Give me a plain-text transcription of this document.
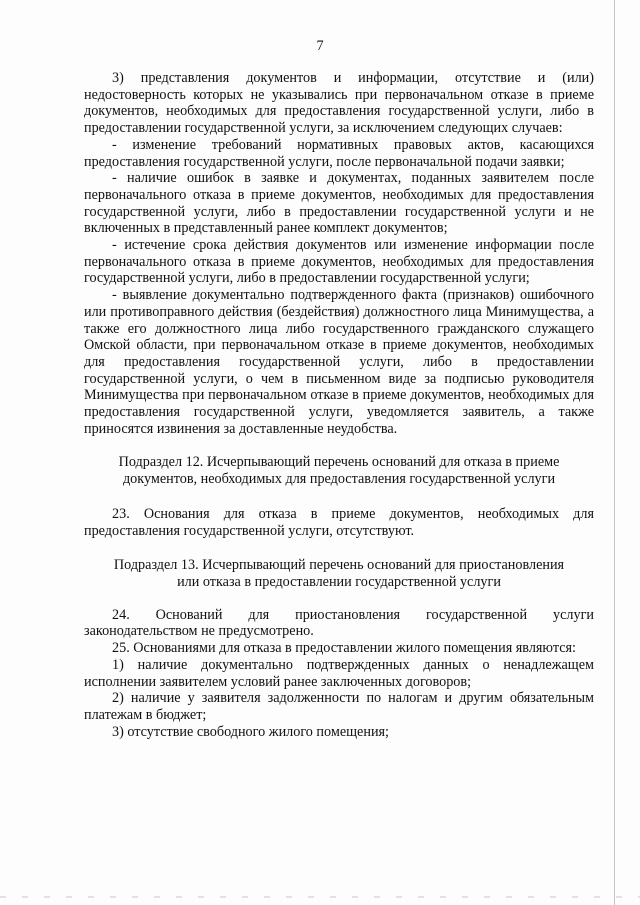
7

3) представления документов и информации, отсутствие и (или) недостоверность которых не указывались при первоначальном отказе в приеме документов, необходимых для предоставления государственной услуги, либо в предоставлении государственной услуги, за исключением следующих случаев:

- изменение требований нормативных правовых актов, касающихся предоставления государственной услуги, после первоначальной подачи заявки;

- наличие ошибок в заявке и документах, поданных заявителем после первоначального отказа в приеме документов, необходимых для предоставления государственной услуги, либо в предоставлении государственной услуги и не включенных в представленный ранее комплект документов;

- истечение срока действия документов или изменение информации после первоначального отказа в приеме документов, необходимых для предоставления государственной услуги, либо в предоставлении государственной услуги;

- выявление документально подтвержденного факта (признаков) ошибочного или противоправного действия (бездействия) должностного лица Минимущества, а также его должностного лица либо государственного гражданского служащего Омской области, при первоначальном отказе в приеме документов, необходимых для предоставления государственной услуги, либо в предоставлении государственной услуги, о чем в письменном виде за подписью руководителя Минимущества при первоначальном отказе в приеме документов, необходимых для предоставления государственной услуги, уведомляется заявитель, а также приносятся извинения за доставленные неудобства.

Подраздел 12. Исчерпывающий перечень оснований для отказа в приеме

документов, необходимых для предоставления государственной услуги

23. Основания для отказа в приеме документов, необходимых для предоставления государственной услуги, отсутствуют.

Подраздел 13. Исчерпывающий перечень оснований для приостановления

или отказа в предоставлении государственной услуги

24. Оснований для приостановления государственной услуги законодательством не предусмотрено.

25. Основаниями для отказа в предоставлении жилого помещения являются:

1) наличие документально подтвержденных данных о ненадлежащем исполнении заявителем условий ранее заключенных договоров;

2) наличие у заявителя задолженности по налогам и другим обязательным платежам в бюджет;

3) отсутствие свободного жилого помещения;
